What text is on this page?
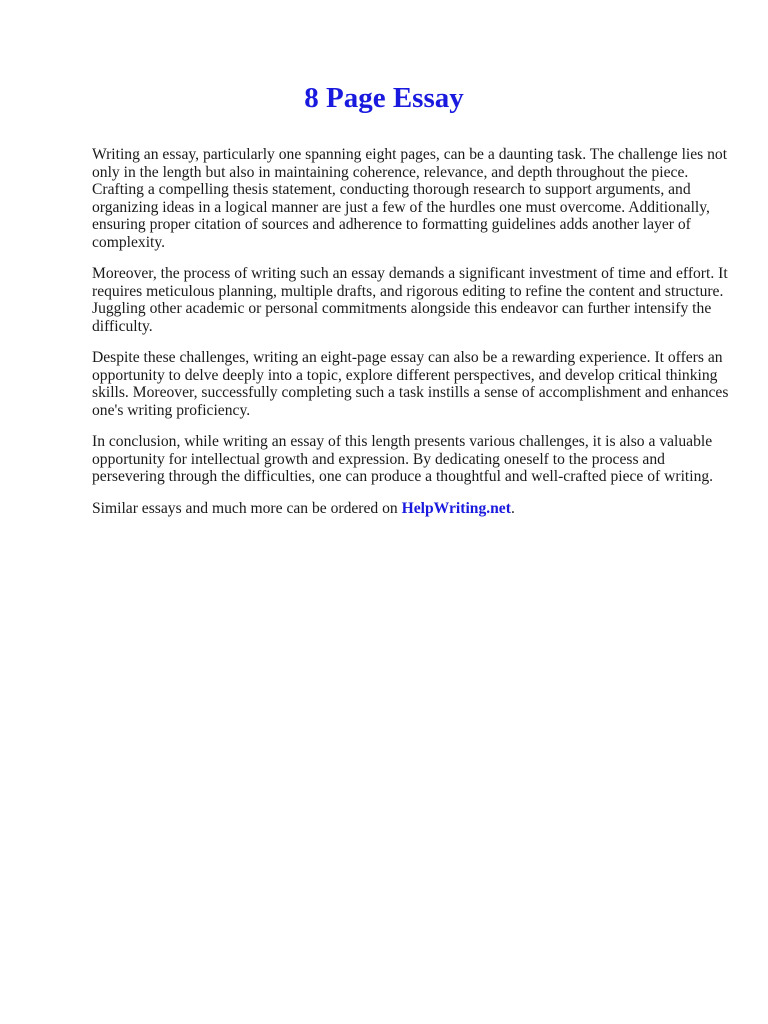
8 Page Essay

Writing an essay, particularly one spanning eight pages, can be a daunting task. The challenge lies not only in the length but also in maintaining coherence, relevance, and depth throughout the piece. Crafting a compelling thesis statement, conducting thorough research to support arguments, and organizing ideas in a logical manner are just a few of the hurdles one must overcome. Additionally, ensuring proper citation of sources and adherence to formatting guidelines adds another layer of complexity.

Moreover, the process of writing such an essay demands a significant investment of time and effort. It requires meticulous planning, multiple drafts, and rigorous editing to refine the content and structure. Juggling other academic or personal commitments alongside this endeavor can further intensify the difficulty.

Despite these challenges, writing an eight-page essay can also be a rewarding experience. It offers an opportunity to delve deeply into a topic, explore different perspectives, and develop critical thinking skills. Moreover, successfully completing such a task instills a sense of accomplishment and enhances one's writing proficiency.

In conclusion, while writing an essay of this length presents various challenges, it is also a valuable opportunity for intellectual growth and expression. By dedicating oneself to the process and persevering through the difficulties, one can produce a thoughtful and well-crafted piece of writing.

Similar essays and much more can be ordered on HelpWriting.net.
